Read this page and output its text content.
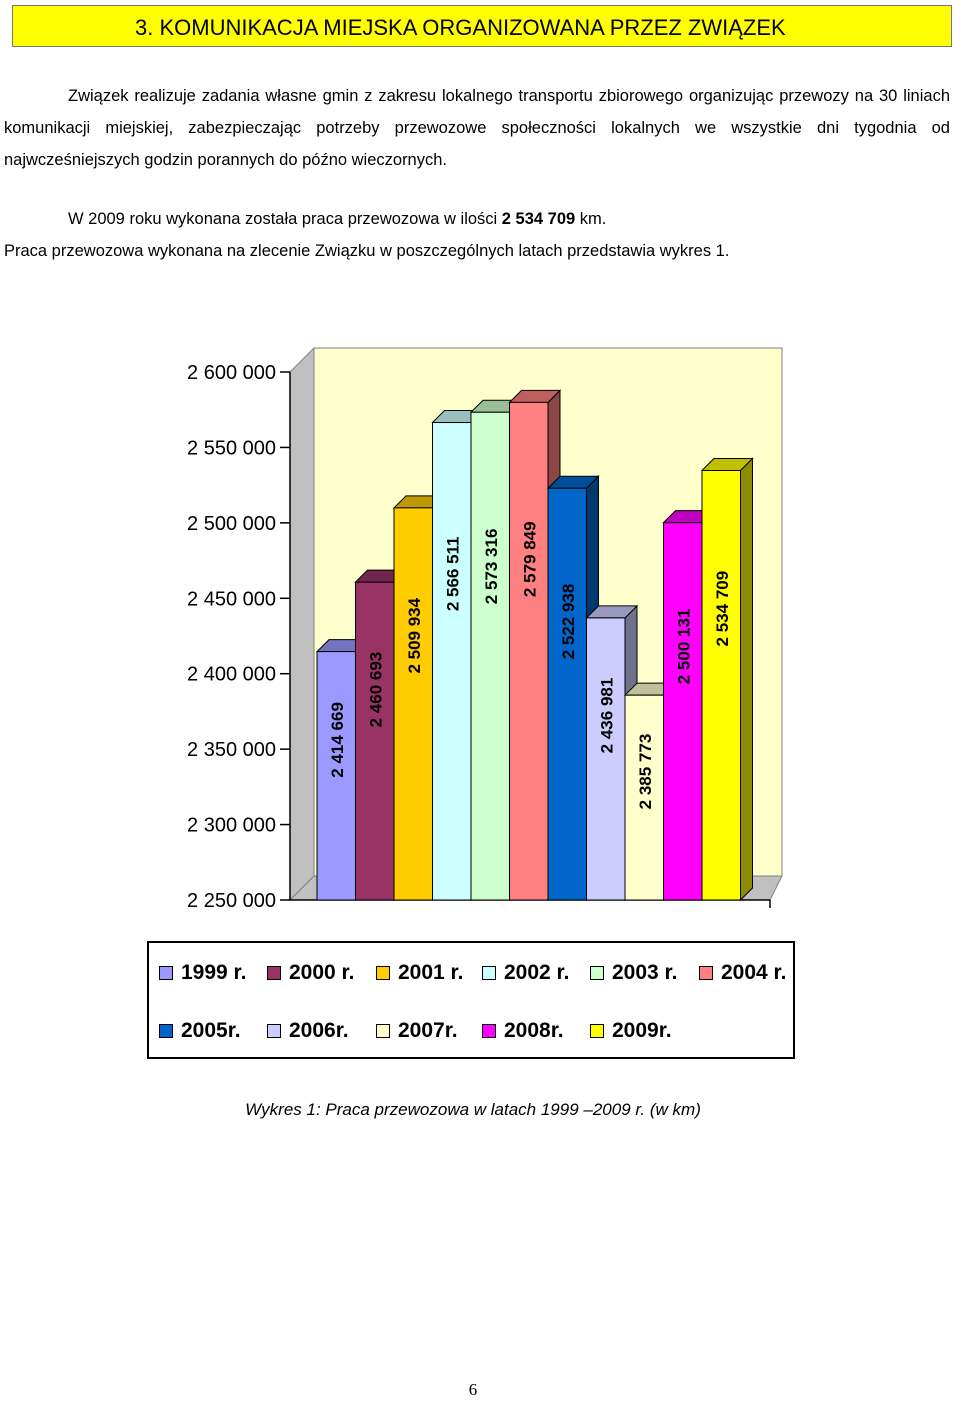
3. KOMUNIKACJA MIEJSKA ORGANIZOWANA PRZEZ ZWIĄZEK
Związek realizuje zadania własne gmin z zakresu lokalnego transportu zbiorowego organizując przewozy na 30 liniach komunikacji miejskiej, zabezpieczając potrzeby przewozowe społeczności lokalnych we wszystkie dni tygodnia od najwcześniejszych godzin porannych do późno wieczornych.
W 2009 roku wykonana została praca przewozowa w ilości 2 534 709 km.
Praca przewozowa wykonana na zlecenie Związku w poszczególnych latach przedstawia wykres 1.
2 600 000
2 550 000
2 500 000
2 450 000
2 400 000
2 350 000
2 300 000
2 250 000
2 414 669
2 460 693
2 509 934
2 566 511 2 573 316 2 579 849
2 522 938
2 436 981
2 385 773
2 500 131 2 534 709
1999 r. 2000 r. 2001 r. 2002 r. 2003 r. 2004 r.
2005r. 2006r. 2007r. 2008r. 2009r.
Wykres 1: Praca przewozowa w latach 1999 –2009 r. (w km)
6
